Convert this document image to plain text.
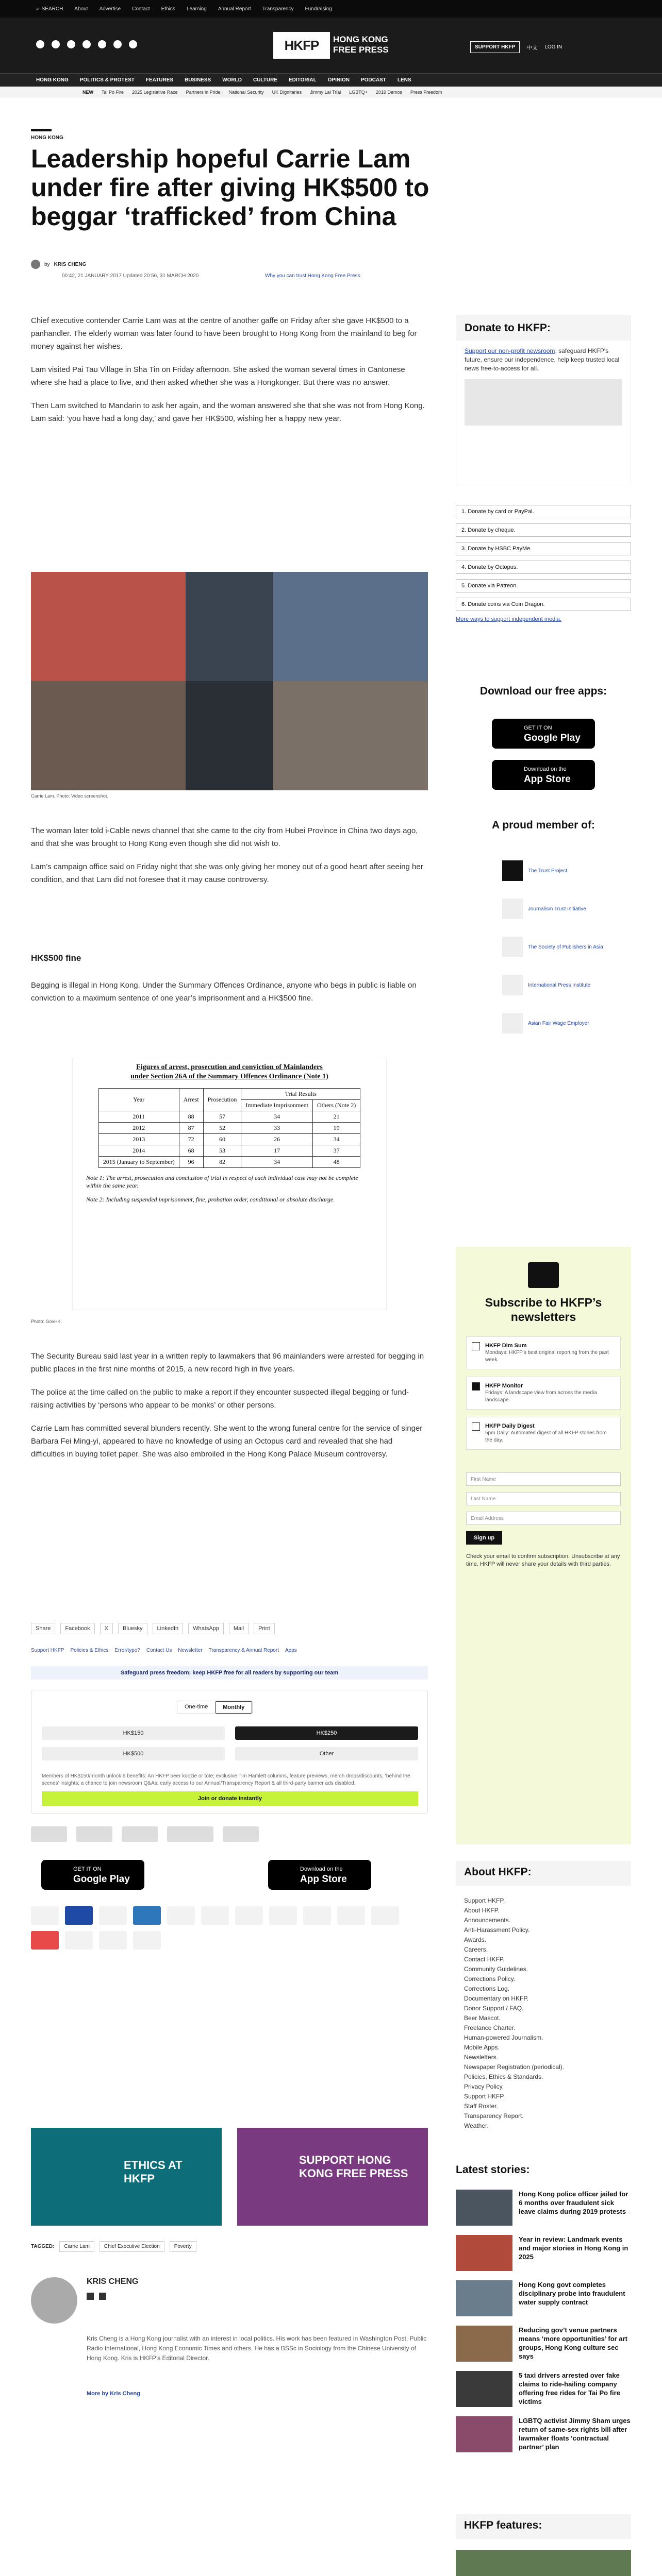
⌕ SEARCH About Advertise Contact Ethics Learning Annual Report Transparency Fundraising
HKFP	HONG KONG FREE PRESS	SUPPORT HKFP	中文 LOG IN
HONG KONG POLITICS & PROTEST FEATURES BUSINESS WORLD CULTURE EDITORIAL OPINION PODCAST LENS
NEW Tai Po Fire 2025 Legislative Race Partners in Pride National Security UK Dignitaries Jimmy Lai Trial LGBTQ+ 2019 Demos Press Freedom
HONG KONG
Leadership hopeful Carrie Lam under fire after giving HK$500 to beggar ‘trafficked’ from China
by KRIS CHENG
00:42, 21 JANUARY 2017 Updated 20:56, 31 MARCH 2020	Why you can trust Hong Kong Free Press

Chief executive contender Carrie Lam was at the centre of another gaffe on Friday after she gave HK$500 to a panhandler. The elderly woman was later found to have been brought to Hong Kong from the mainland to beg for money against her wishes.

Lam visited Pai Tau Village in Sha Tin on Friday afternoon. She asked the woman several times in Cantonese where she had a place to live, and then asked whether she was a Hongkonger. But there was no answer.

Then Lam switched to Mandarin to ask her again, and the woman answered she that she was not from Hong Kong. Lam said: ‘you have had a long day,’ and gave her HK$500, wishing her a happy new year.

Carrie Lam. Photo: Video screenshot.

The woman later told i-Cable news channel that she came to the city from Hubei Province in China two days ago, and that she was brought to Hong Kong even though she did not wish to.

Lam’s campaign office said on Friday night that she was only giving her money out of a good heart after seeing her condition, and that Lam did not foresee that it may cause controversy.

HK$500 fine

Begging is illegal in Hong Kong. Under the Summary Offences Ordinance, anyone who begs in public is liable on conviction to a maximum sentence of one year’s imprisonment and a HK$500 fine.

Figures of arrest, prosecution and conviction of Mainlanders
under Section 26A of the Summary Offences Ordinance (Note 1)
Year	Arrest	Prosecution	Trial Results	
			Immediate Imprisonment	Others (Note 2)
2011	88	57	34	21
2012	87	52	33	19
2013	72	60	26	34
2014	68	53	17	37
2015 (January to September)	96	82	34	48
Note 1: The arrest, prosecution and conclusion of trial in respect of each individual case may not be complete within the same year.
Note 2: Including suspended imprisonment, fine, probation order, conditional or absolute discharge.
Photo: GovHK.

The Security Bureau said last year in a written reply to lawmakers that 96 mainlanders were arrested for begging in public places in the first nine months of 2015, a new record high in five years.

The police at the time called on the public to make a report if they encounter suspected illegal begging or fund-raising activities by ‘persons who appear to be monks’ or other persons.

Carrie Lam has committed several blunders recently. She went to the wrong funeral centre for the service of singer Barbara Fei Ming-yi, appeared to have no knowledge of using an Octopus card and revealed that she had difficulties in buying toilet paper. She was also embroiled in the Hong Kong Palace Museum controversy.

Share	Facebook	X	Bluesky	LinkedIn	WhatsApp	Mail	Print
Support HKFP Policies & Ethics Error/typo? Contact Us Newsletter Transparency & Annual Report Apps
Safeguard press freedom; keep HKFP free for all readers by supporting our team
One-time	Monthly
HK$150	HK$250
HK$500	Other
Members of HK$150/month unlock 6 benefits: An HKFP beer koozie or tote; exclusive Tim Hamlett columns, feature previews, merch drops/discounts, ‘behind the scenes’ insights; a chance to join newsroom Q&As; early access to our Annual/Transparency Report & all third-party banner ads disabled.
Join or donate instantly
GET IT ON
Google Play
Download on the
App Store
ETHICS AT HKFP
SUPPORT HONG KONG FREE PRESS
TAGGED:	Carrie Lam	Chief Executive Election	Poverty
KRIS CHENG
Kris Cheng is a Hong Kong journalist with an interest in local politics. His work has been featured in Washington Post, Public Radio International, Hong Kong Economic Times and others. He has a BSSc in Sociology from the Chinese University of Hong Kong. Kris is HKFP’s Editorial Director.
More by Kris Cheng
Donate to HKFP:
Support our non-profit newsroom; safeguard HKFP's future, ensure our independence, help keep trusted local news free-to-access for all.
1. Donate by card or PayPal.
2. Donate by cheque.
3. Donate by HSBC PayMe.
4. Donate by Octopus.
5. Donate via Patreon.
6. Donate coins via Coin Dragon.
More ways to support independent media.
Download our free apps:
GET IT ON
Google Play
Download on the
App Store
A proud member of:
The Trust Project
Journalism Trust Initiative
The Society of Publishers in Asia
International Press Institute
Asian Fair Wage Employer
Subscribe to HKFP’s newsletters
HKFP Dim Sum
Mondays: HKFP's best original reporting from the past week.
HKFP Monitor
Fridays: A landscape view from across the media landscape.
HKFP Daily Digest
5pm Daily: Automated digest of all HKFP stories from the day.
First Name
Last Name
Email Address
Sign up
Check your email to confirm subscription. Unsubscribe at any time. HKFP will never share your details with third parties.
About HKFP:
Support HKFP.
About HKFP.
Announcements.
Anti-Harassment Policy.
Awards.
Careers.
Contact HKFP.
Community Guidelines.
Corrections Policy.
Corrections Log.
Documentary on HKFP.
Donor Support / FAQ.
Beer Mascot.
Freelance Charter.
Human-powered Journalism.
Mobile Apps.
Newsletters.
Newspaper Registration (periodical).
Policies, Ethics & Standards.
Privacy Policy.
Support HKFP.
Staff Roster.
Transparency Report.
Weather.
Latest stories:
Hong Kong police officer jailed for 6 months over fraudulent sick leave claims during 2019 protests
Year in review: Landmark events and major stories in Hong Kong in 2025
Hong Kong govt completes disciplinary probe into fraudulent water supply contract
Reducing gov’t venue partners means ‘more opportunities’ for art groups, Hong Kong culture sec says
5 taxi drivers arrested over fake claims to ride-hailing company offering free rides for Tai Po fire victims
LGBTQ activist Jimmy Sham urges return of same-sex rights bill after lawmaker floats ‘contractual partner’ plan
HKFP features:
